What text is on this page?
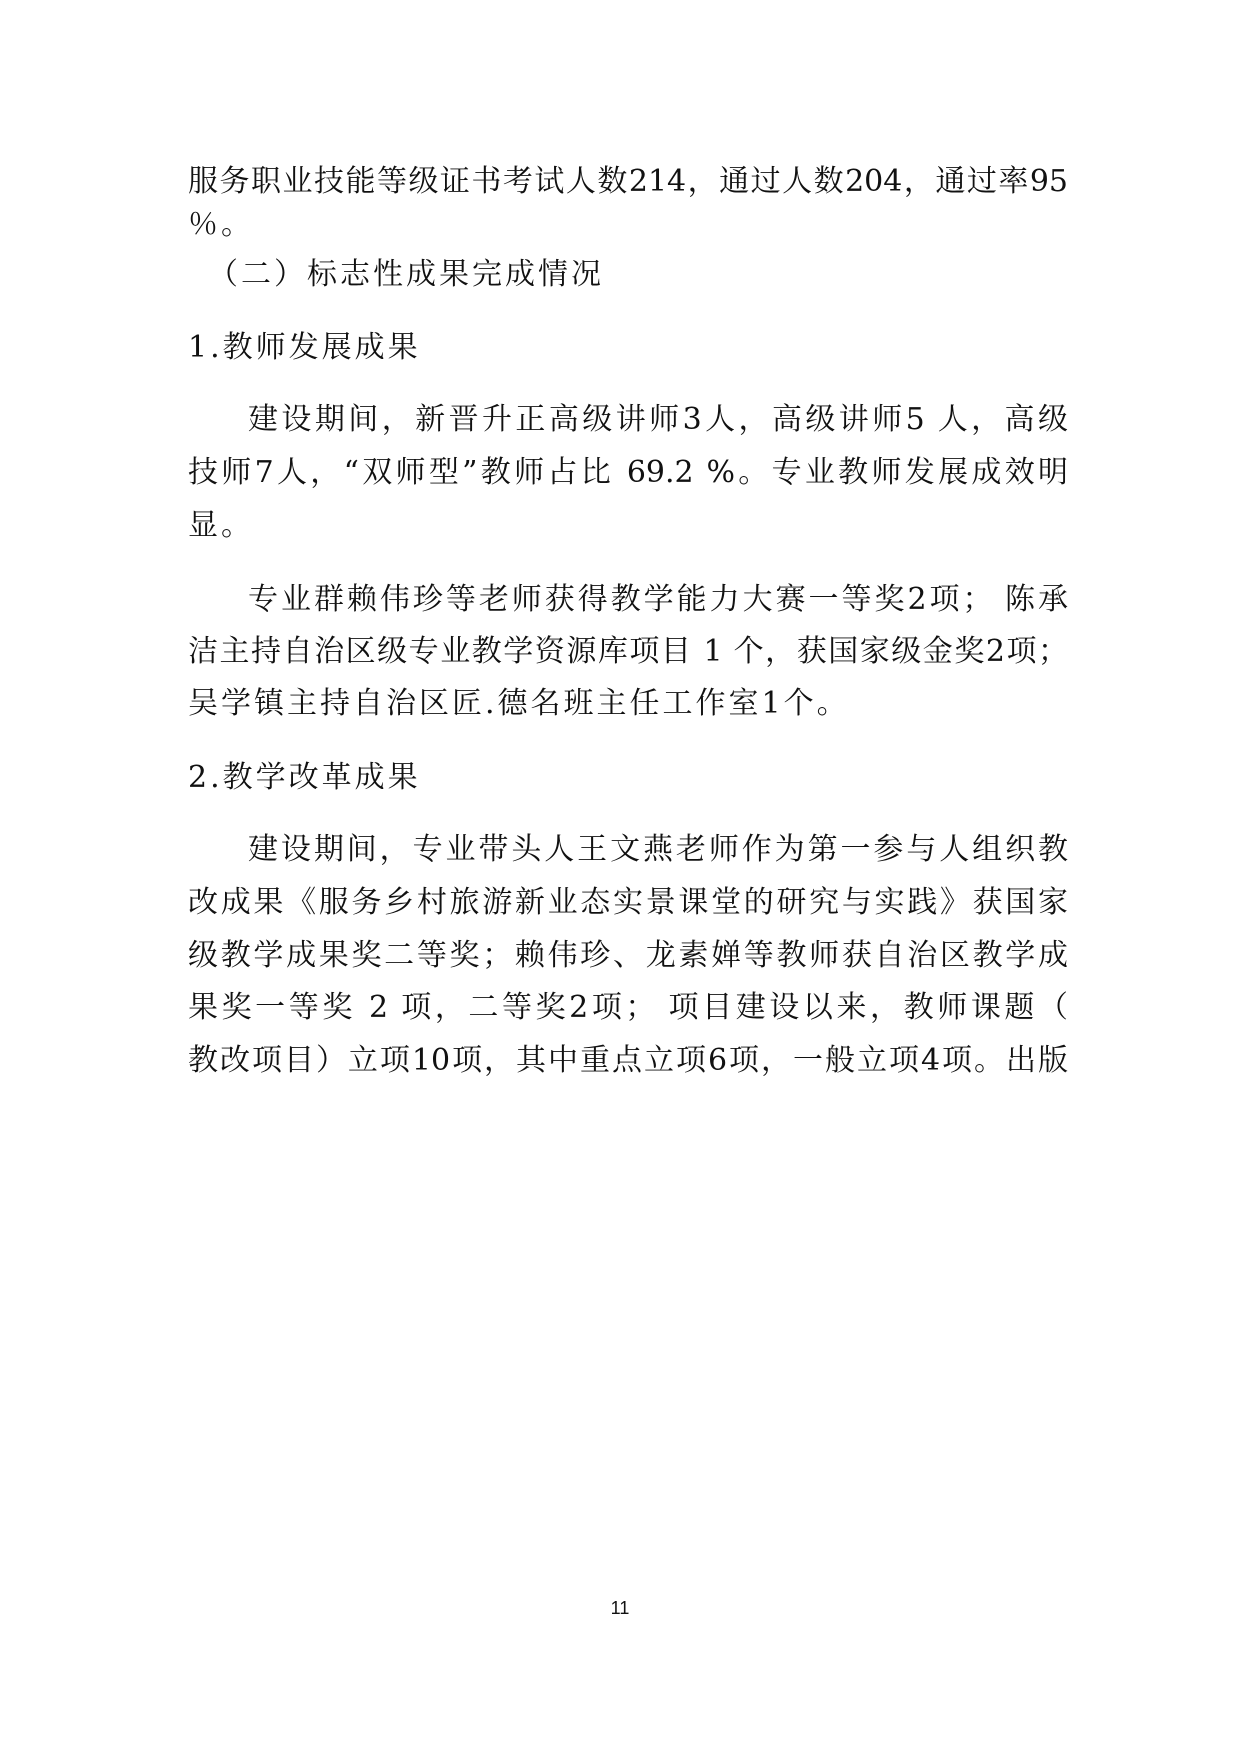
服务职业技能等级证书考试人数214，通过人数204，通过率95
％。
（二）标志性成果完成情况
1.教师发展成果
建设期间，新晋升正高级讲师3人，高级讲师5 人，高级
技师7人，“双师型”教师占比 69.2 %。专业教师发展成效明
显。
专业群赖伟珍等老师获得教学能力大赛一等奖2项； 陈承
洁主持自治区级专业教学资源库项目 1 个，获国家级金奖2项；
吴学镇主持自治区匠.德名班主任工作室1个。
2.教学改革成果
建设期间，专业带头人王文燕老师作为第一参与人组织教
改成果《服务乡村旅游新业态实景课堂的研究与实践》获国家
级教学成果奖二等奖；赖伟珍、龙素婵等教师获自治区教学成
果奖一等奖 2 项，二等奖2项； 项目建设以来，教师课题（
教改项目）立项10项，其中重点立项6项，一般立项4项。出版
11
